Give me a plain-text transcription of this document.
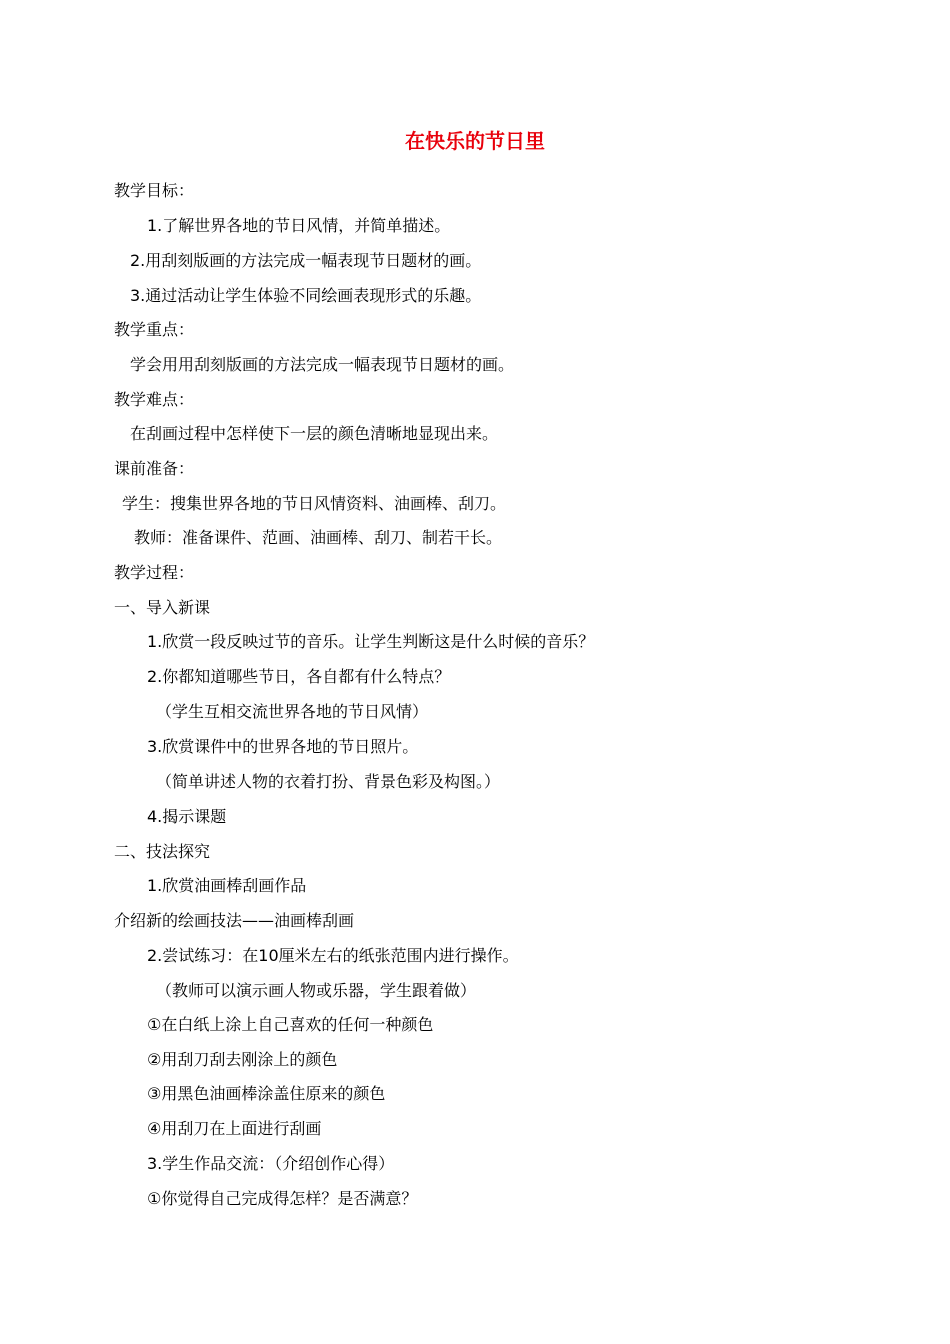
在快乐的节日里
教学目标：
1.了解世界各地的节日风情，并简单描述。
2.用刮刻版画的方法完成一幅表现节日题材的画。
3.通过活动让学生体验不同绘画表现形式的乐趣。
教学重点：
学会用用刮刻版画的方法完成一幅表现节日题材的画。
教学难点：
在刮画过程中怎样使下一层的颜色清晰地显现出来。
课前准备：
学生：搜集世界各地的节日风情资料、油画棒、刮刀。
教师：准备课件、范画、油画棒、刮刀、制若干长。
教学过程：
一、导入新课
1.欣赏一段反映过节的音乐。让学生判断这是什么时候的音乐？
2.你都知道哪些节日，各自都有什么特点？
（学生互相交流世界各地的节日风情）
3.欣赏课件中的世界各地的节日照片。
（简单讲述人物的衣着打扮、背景色彩及构图。）
4.揭示课题
二、技法探究
1.欣赏油画棒刮画作品
介绍新的绘画技法——油画棒刮画
2.尝试练习：在10厘米左右的纸张范围内进行操作。
（教师可以演示画人物或乐器，学生跟着做）
①在白纸上涂上自己喜欢的任何一种颜色
②用刮刀刮去刚涂上的颜色
③用黑色油画棒涂盖住原来的颜色
④用刮刀在上面进行刮画
3.学生作品交流：（介绍创作心得）
①你觉得自己完成得怎样？是否满意？
